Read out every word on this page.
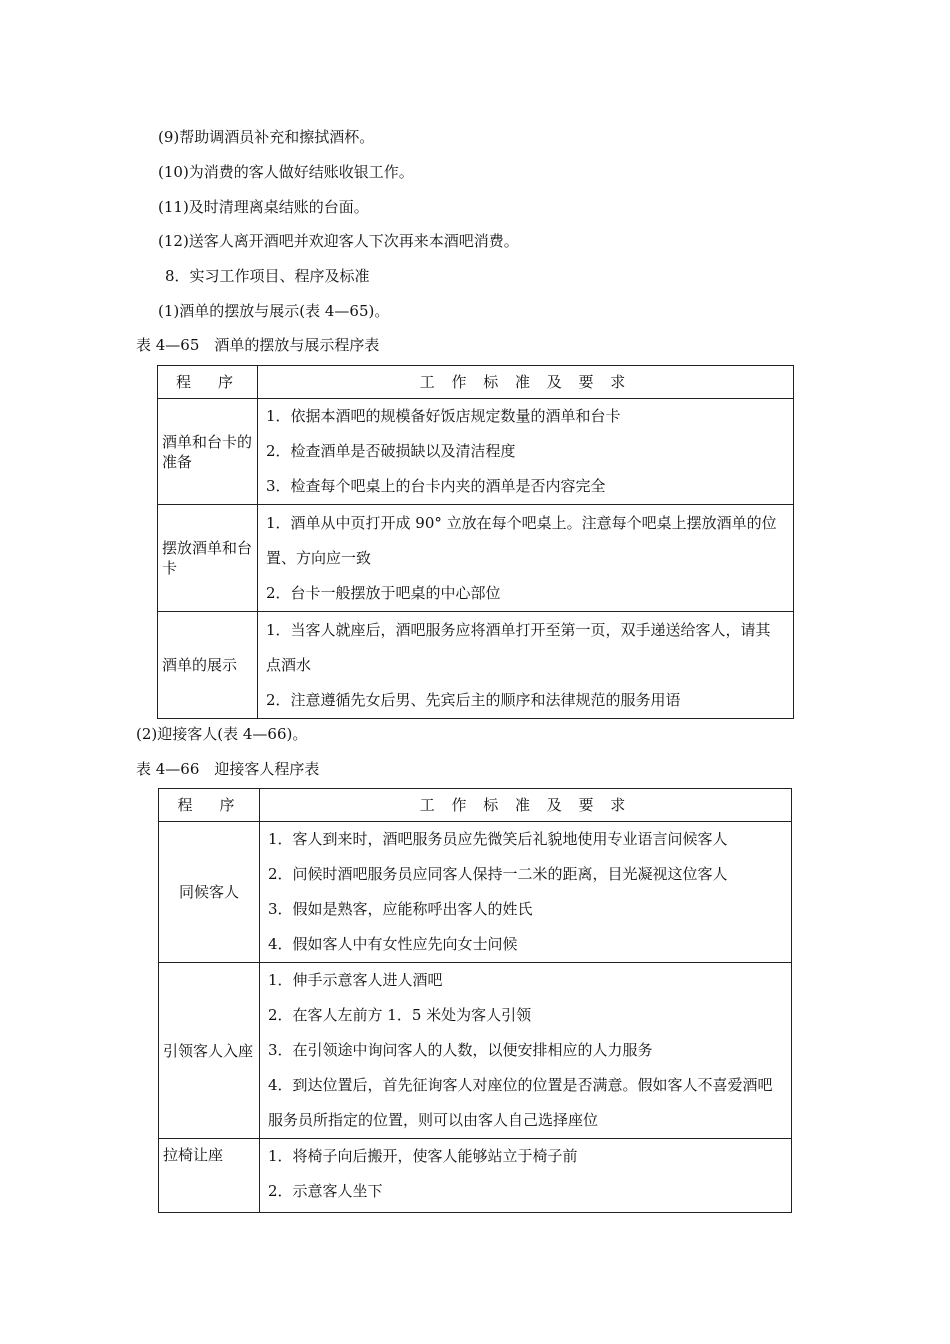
(9)帮助调酒员补充和擦拭酒杯。
(10)为消费的客人做好结账收银工作。
(11)及时清理离桌结账的台面。
(12)送客人离开酒吧并欢迎客人下次再来本酒吧消费。
8．实习工作项目、程序及标准
(1)酒单的摆放与展示(表 4—65)。
表 4—65　酒单的摆放与展示程序表
程　序	工 作 标 准 及 要 求
酒单和台卡的准备	1．依据本酒吧的规模备好饭店规定数量的酒单和台卡
2．检查酒单是否破损缺以及清洁程度
3．检查每个吧桌上的台卡内夹的酒单是否内容完全

摆放酒单和台卡	1．酒单从中页打开成 90° 立放在每个吧桌上。注意每个吧桌上摆放酒单的位置、方向应一致
2．台卡一般摆放于吧桌的中心部位

酒单的展示	1．当客人就座后，酒吧服务应将酒单打开至第一页，双手递送给客人，请其点酒水
2．注意遵循先女后男、先宾后主的顺序和法律规范的服务用语
(2)迎接客人(表 4—66)。
表 4—66　迎接客人程序表
程　序	工 作 标 准 及 要 求
同候客人	1．客人到来时，酒吧服务员应先微笑后礼貌地使用专业语言问候客人
2．问候时酒吧服务员应同客人保持一二米的距离，目光凝视这位客人
3．假如是熟客，应能称呼出客人的姓氏
4．假如客人中有女性应先向女士问候

引领客人入座	1．伸手示意客人进人酒吧
2．在客人左前方 1．5 米处为客人引领
3．在引领途中询问客人的人数，以便安排相应的人力服务
4．到达位置后，首先征询客人对座位的位置是否满意。假如客人不喜爱酒吧服务员所指定的位置，则可以由客人自己选择座位

拉椅让座	1．将椅子向后搬开，使客人能够站立于椅子前
2．示意客人坐下
